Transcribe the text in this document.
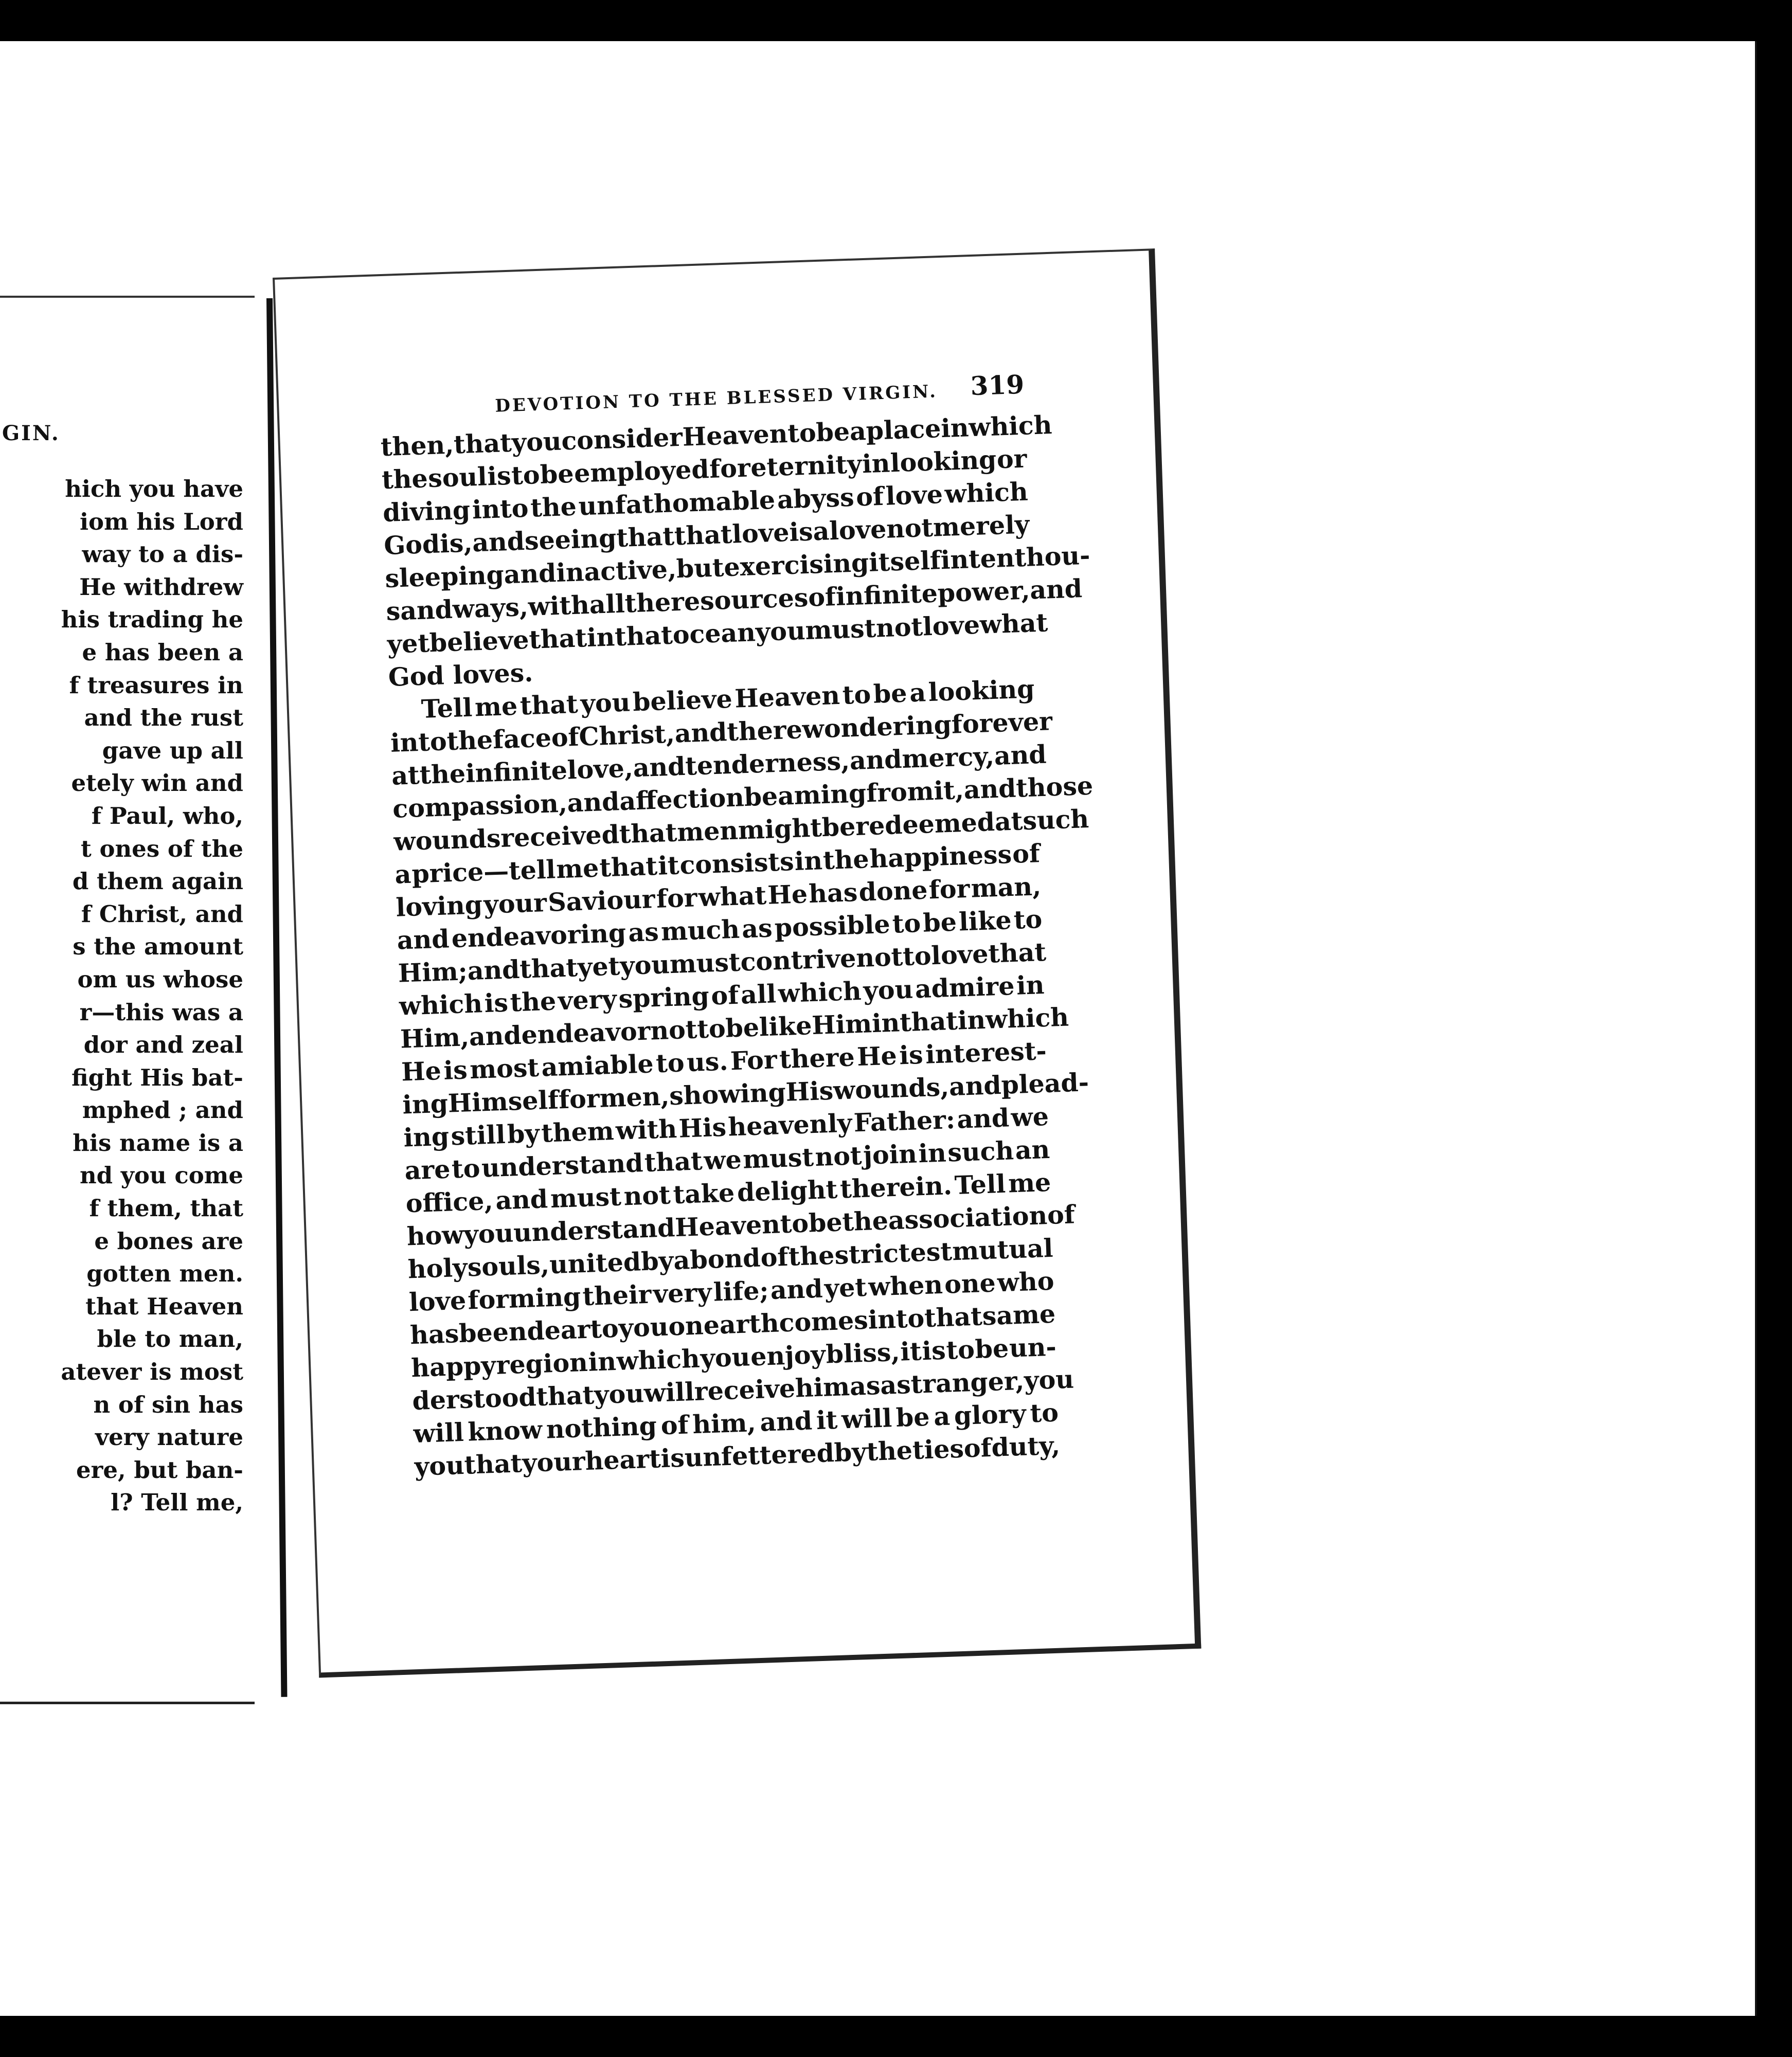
GIN.
hich you have
iom his Lord
way to a dis-
He withdrew
his trading he
e has been a
f treasures in
and the rust
gave up all
etely win and
f Paul, who,
t ones of the
d them again
f Christ, and
s the amount
om us whose
r—this was a
dor and zeal
fight His bat-
mphed ; and
his name is a
nd you come
f them, that
e bones are
gotten men.
that Heaven
ble to man,
atever is most
n of sin has
very nature
ere, but ban-
l? Tell me,
DEVOTION TO THE BLESSED VIRGIN. 319
then,
that
you
consider
Heaven
to
be
a
place
in
which
the
soul
is
to
be
employed
for
eternity
in
looking
or
diving into the unfathomable abyss of love which
God
is,
and
seeing
that
that
love
is
a
love
not
merely
sleeping
and
inactive,
but
exercising
itself
in
ten
thou-
sand
ways,
with
all
the
resources
of
infinite
power,
and
yet
believe
that
in
that
ocean
you
must
not
love
what
God loves.
Tell me that you believe Heaven to be a looking
into
the
face
of
Christ,
and
there
wondering
forever
at
the
infinite
love,
and
tenderness,
and
mercy,
and
compassion,
and
affection
beaming
from
it,
and
those
wounds
received
that
men
might
be
redeemed
at
such
a price—tell me that it consists in the happiness of
loving your Saviour for what He has done for man,
and endeavoring as much as possible to be like to
Him;
and
that
yet
you
must
contrive
not
to
love
that
which is the very spring of all which you admire in
Him,
and
endeavor
not
to
be
like
Him
in
that
in
which
He is most amiable to us. For there He is interest-
ing
Himself
for
men,
showing
His
wounds,
and
plead-
ing still by them with His heavenly Father: and we
are to understand that we must not join in such an
office, and must not take delight therein. Tell me
how
you
understand
Heaven
to
be
the
association
of
holy
souls,
united
by
a
bond
of
the
strictest
mutual
love forming their very life; and yet when one who
has
been
dear
to
you
on
earth
comes
into
that
same
happy
region
in
which
you
enjoy
bliss,
it
is
to
be
un-
derstood
that
you
will
receive
him
as
a
stranger,
you
will know nothing of him, and it will be a glory to
you
that
your
heart
is
unfettered
by
the
ties
of
duty,
